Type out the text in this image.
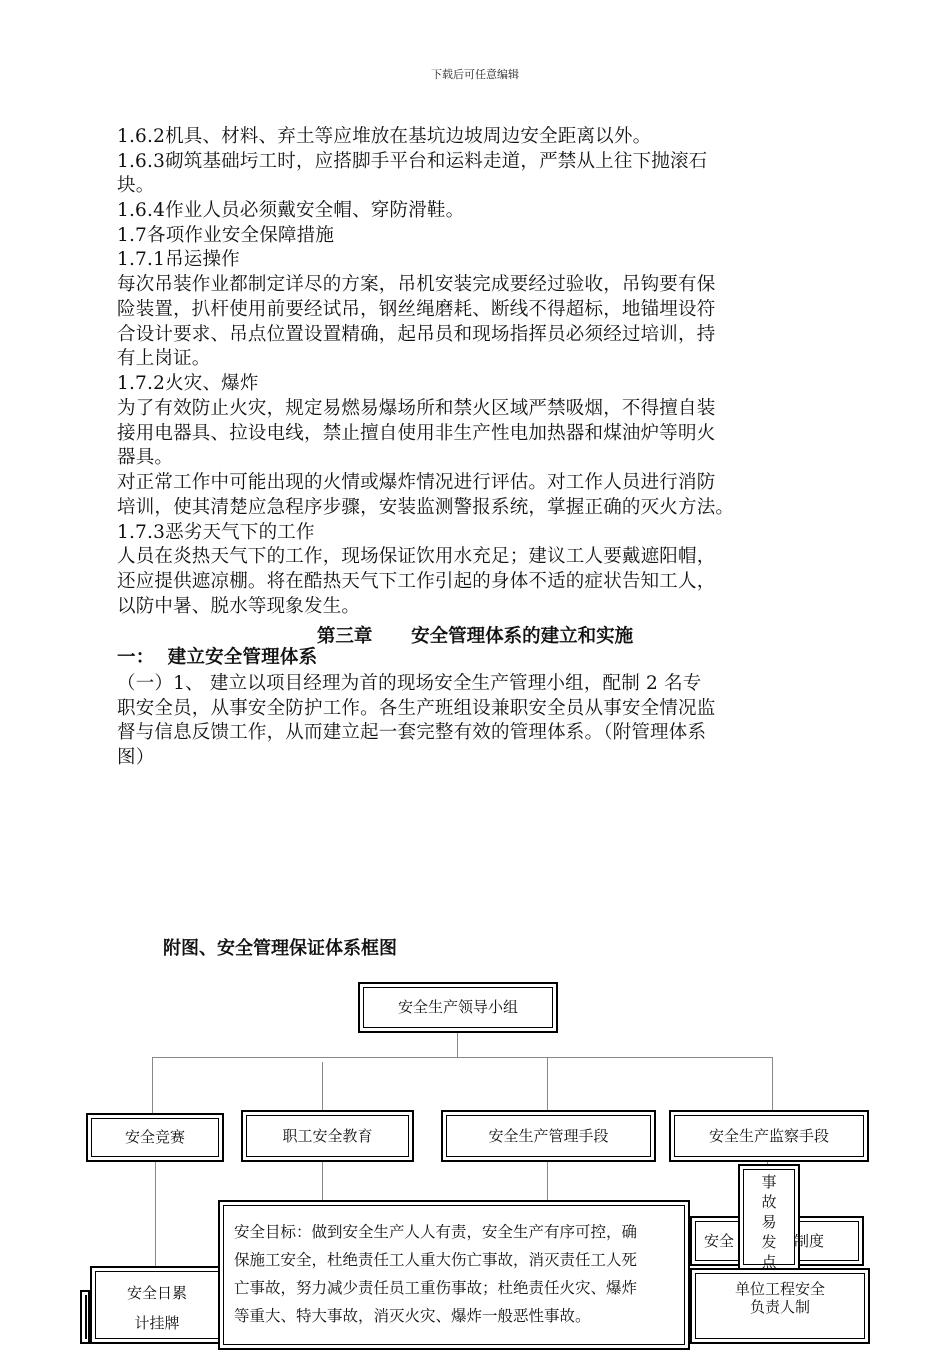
下载后可任意编辑
1.6.2机具、材料、弃土等应堆放在基坑边坡周边安全距离以外。
1.6.3砌筑基础圬工时，应搭脚手平台和运料走道，严禁从上往下抛滚石
块。
1.6.4作业人员必须戴安全帽、穿防滑鞋。
1.7各项作业安全保障措施
1.7.1吊运操作
每次吊装作业都制定详尽的方案，吊机安装完成要经过验收，吊钩要有保
险装置，扒杆使用前要经试吊，钢丝绳磨耗、断线不得超标，地锚埋设符
合设计要求、吊点位置设置精确，起吊员和现场指挥员必须经过培训，持
有上岗证。
1.7.2火灾、爆炸
为了有效防止火灾，规定易燃易爆场所和禁火区域严禁吸烟，不得擅自装
接用电器具、拉设电线，禁止擅自使用非生产性电加热器和煤油炉等明火
器具。
对正常工作中可能出现的火情或爆炸情况进行评估。对工作人员进行消防
培训，使其清楚应急程序步骤，安装监测警报系统，掌握正确的灭火方法。
1.7.3恶劣天气下的工作
人员在炎热天气下的工作，现场保证饮用水充足；建议工人要戴遮阳帽，
还应提供遮凉棚。将在酷热天气下工作引起的身体不适的症状告知工人，
以防中暑、脱水等现象发生。
第三章      安全管理体系的建立和实施
一：  建立安全管理体系
（一）1、 建立以项目经理为首的现场安全生产管理小组，配制 2 名专
职安全员，从事安全防护工作。各生产班组设兼职安全员从事安全情况监
督与信息反馈工作，从而建立起一套完整有效的管理体系。（附管理体系
图）
附图、安全管理保证体系框图
安全生产领导小组
安全竞赛	职工安全教育	安全生产管理手段	安全生产监察手段
安全	制度
事
故
易
发
点
单位工程安全
负责人制
安全日累
计挂牌
安全目标：做到安全生产人人有责，安全生产有序可控，确
保施工安全，杜绝责任工人重大伤亡事故，消灭责任工人死
亡事故，努力减少责任员工重伤事故；杜绝责任火灾、爆炸
等重大、特大事故，消灭火灾、爆炸一般恶性事故。
